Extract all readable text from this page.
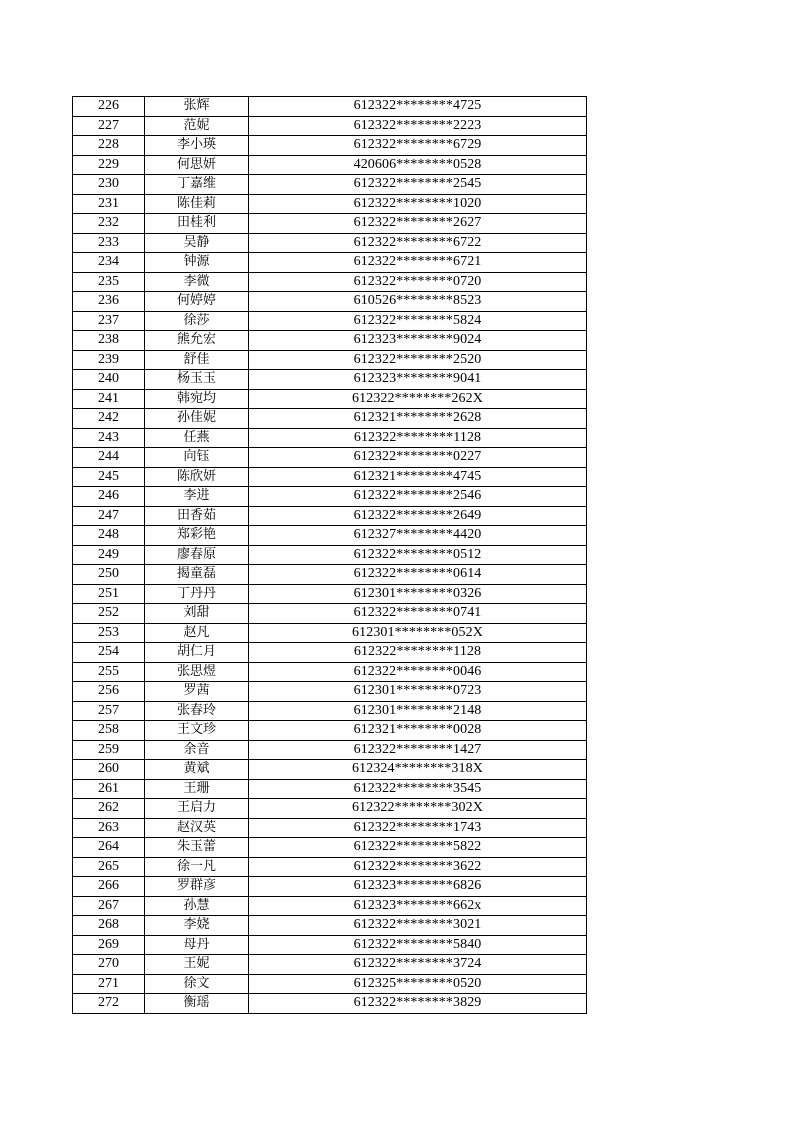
226	张辉	612322********4725
227	范妮	612322********2223
228	李小瑛	612322********6729
229	何思妍	420606********0528
230	丁嘉维	612322********2545
231	陈佳莉	612322********1020
232	田桂利	612322********2627
233	吴静	612322********6722
234	钟源	612322********6721
235	李微	612322********0720
236	何婷婷	610526********8523
237	徐莎	612322********5824
238	熊允宏	612323********9024
239	舒佳	612322********2520
240	杨玉玉	612323********9041
241	韩宛均	612322********262X
242	孙佳妮	612321********2628
243	任燕	612322********1128
244	向钰	612322********0227
245	陈欣妍	612321********4745
246	李进	612322********2546
247	田香茹	612322********2649
248	郑彩艳	612327********4420
249	廖春原	612322********0512
250	揭童磊	612322********0614
251	丁丹丹	612301********0326
252	刘甜	612322********0741
253	赵凡	612301********052X
254	胡仁月	612322********1128
255	张思煜	612322********0046
256	罗茜	612301********0723
257	张春玲	612301********2148
258	王文珍	612321********0028
259	余音	612322********1427
260	黄斌	612324********318X
261	王珊	612322********3545
262	王启力	612322********302X
263	赵汉英	612322********1743
264	朱玉蕾	612322********5822
265	徐一凡	612322********3622
266	罗群彦	612323********6826
267	孙慧	612323********662x
268	李娆	612322********3021
269	母丹	612322********5840
270	王妮	612322********3724
271	徐文	612325********0520
272	衡瑶	612322********3829
